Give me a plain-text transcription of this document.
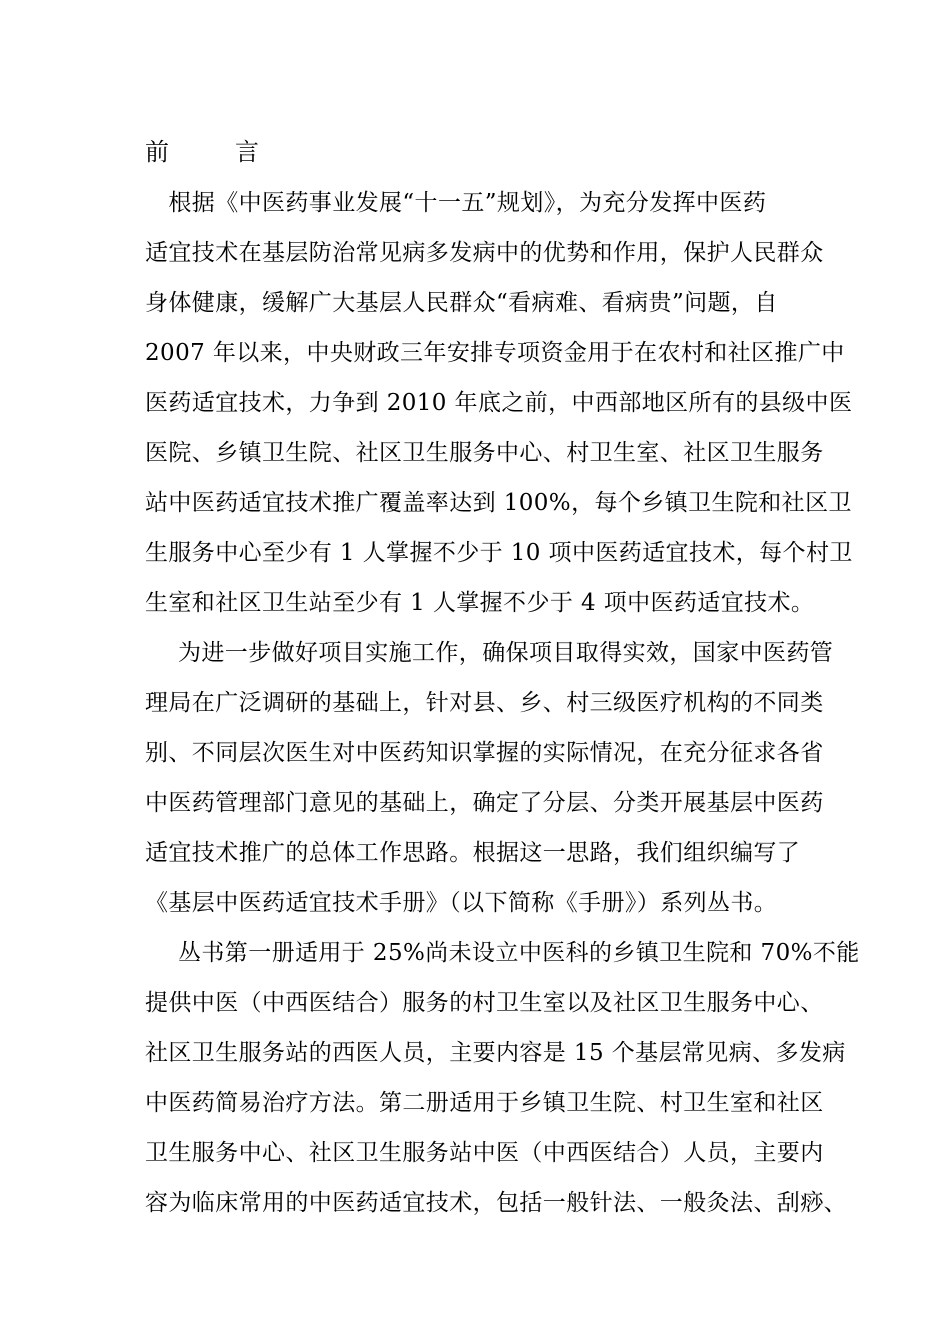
前言
　根据《中医药事业发展“十一五”规划》，为充分发挥中医药
适宜技术在基层防治常见病多发病中的优势和作用，保护人民群众
身体健康，缓解广大基层人民群众“看病难、看病贵”问题，自
2007 年以来，中央财政三年安排专项资金用于在农村和社区推广中
医药适宜技术，力争到 2010 年底之前，中西部地区所有的县级中医
医院、乡镇卫生院、社区卫生服务中心、村卫生室、社区卫生服务
站中医药适宜技术推广覆盖率达到 100%，每个乡镇卫生院和社区卫
生服务中心至少有 1 人掌握不少于 10 项中医药适宜技术，每个村卫
生室和社区卫生站至少有 1 人掌握不少于 4 项中医药适宜技术。
为进一步做好项目实施工作，确保项目取得实效，国家中医药管
理局在广泛调研的基础上，针对县、乡、村三级医疗机构的不同类
别、不同层次医生对中医药知识掌握的实际情况，在充分征求各省
中医药管理部门意见的基础上，确定了分层、分类开展基层中医药
适宜技术推广的总体工作思路。根据这一思路，我们组织编写了
《基层中医药适宜技术手册》（以下简称《手册》）系列丛书。
丛书第一册适用于 25%尚未设立中医科的乡镇卫生院和 70%不能
提供中医（中西医结合）服务的村卫生室以及社区卫生服务中心、
社区卫生服务站的西医人员，主要内容是 15 个基层常见病、多发病
中医药简易治疗方法。第二册适用于乡镇卫生院、村卫生室和社区
卫生服务中心、社区卫生服务站中医（中西医结合）人员，主要内
容为临床常用的中医药适宜技术，包括一般针法、一般灸法、刮痧、
